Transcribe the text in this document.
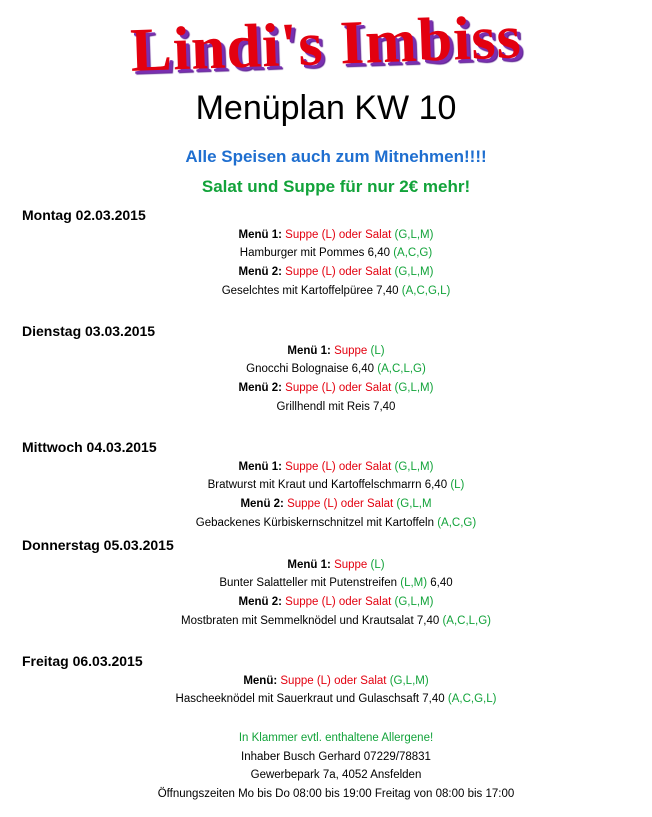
Lindi's Imbiss
Menüplan KW 10
Alle Speisen auch zum Mitnehmen!!!!
Salat und Suppe für nur 2€ mehr!
Montag 02.03.2015
Menü 1: Suppe (L) oder Salat (G,L,M)
Hamburger mit Pommes 6,40 (A,C,G)
Menü 2: Suppe (L) oder Salat (G,L,M)
Geselchtes mit Kartoffelpüree 7,40 (A,C,G,L)
Dienstag 03.03.2015
Menü 1: Suppe (L)
Gnocchi Bolognaise 6,40 (A,C,L,G)
Menü 2: Suppe (L) oder Salat (G,L,M)
Grillhendl mit Reis 7,40
Mittwoch 04.03.2015
Menü 1: Suppe (L) oder Salat (G,L,M)
Bratwurst mit Kraut und Kartoffelschmarrn 6,40 (L)
Menü 2: Suppe (L) oder Salat (G,L,M
Gebackenes Kürbiskernschnitzel mit Kartoffeln (A,C,G)
Donnerstag 05.03.2015
Menü 1: Suppe (L)
Bunter Salatteller mit Putenstreifen (L,M) 6,40
Menü 2: Suppe (L) oder Salat (G,L,M)
Mostbraten mit Semmelknödel und Krautsalat 7,40 (A,C,L,G)
Freitag 06.03.2015
Menü: Suppe (L) oder Salat (G,L,M)
Hascheeknödel mit Sauerkraut und Gulaschsaft 7,40 (A,C,G,L)
In Klammer evtl. enthaltene Allergene!
Inhaber Busch Gerhard 07229/78831
Gewerbepark 7a, 4052 Ansfelden
Öffnungszeiten Mo bis Do 08:00 bis 19:00 Freitag von 08:00 bis 17:00
